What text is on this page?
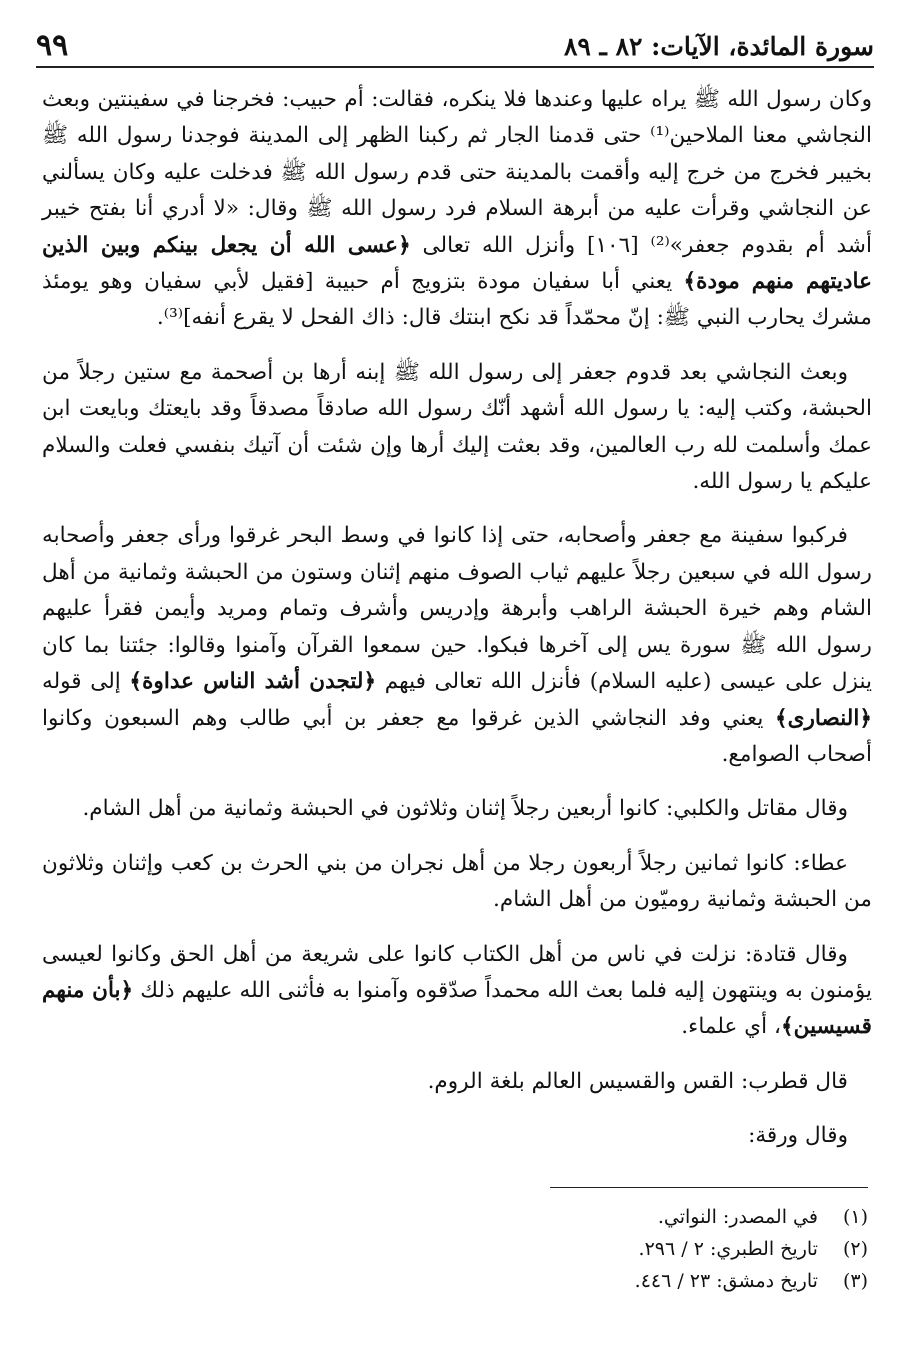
سورة المائدة، الآيات: ٨٢ ـ ٨٩
٩٩

وكان رسول الله ﷺ يراه عليها وعندها فلا ينكره، فقالت: أم حبيب: فخرجنا في سفينتين وبعث النجاشي معنا الملاحين⁽¹⁾ حتى قدمنا الجار ثم ركبنا الظهر إلى المدينة فوجدنا رسول الله ﷺ بخيبر فخرج من خرج إليه وأقمت بالمدينة حتى قدم رسول الله ﷺ فدخلت عليه وكان يسألني عن النجاشي وقرأت عليه من أبرهة السلام فرد رسول الله ﷺ وقال: «لا أدري أنا بفتح خيبر أشد أم بقدوم جعفر»⁽²⁾ [١٠٦] وأنزل الله تعالى ﴿عسى الله أن يجعل بينكم وبين الذين عاديتهم منهم مودة﴾ يعني أبا سفيان مودة بتزويج أم حبيبة [فقيل لأبي سفيان وهو يومئذ مشرك يحارب النبي ﷺ: إنّ محمّداً قد نكح ابنتك قال: ذاك الفحل لا يقرع أنفه]⁽³⁾.

وبعث النجاشي بعد قدوم جعفر إلى رسول الله ﷺ إبنه أرها بن أصحمة مع ستين رجلاً من الحبشة، وكتب إليه: يا رسول الله أشهد أنّك رسول الله صادقاً مصدقاً وقد بايعتك وبايعت ابن عمك وأسلمت لله رب العالمين، وقد بعثت إليك أرها وإن شئت أن آتيك بنفسي فعلت والسلام عليكم يا رسول الله.

فركبوا سفينة مع جعفر وأصحابه، حتى إذا كانوا في وسط البحر غرقوا ورأى جعفر وأصحابه رسول الله في سبعين رجلاً عليهم ثياب الصوف منهم إثنان وستون من الحبشة وثمانية من أهل الشام وهم خيرة الحبشة الراهب وأبرهة وإدريس وأشرف وتمام ومريد وأيمن فقرأ عليهم رسول الله ﷺ سورة يس إلى آخرها فبكوا. حين سمعوا القرآن وآمنوا وقالوا: جئتنا بما كان ينزل على عيسى (عليه السلام) فأنزل الله تعالى فيهم ﴿لتجدن أشد الناس عداوة﴾ إلى قوله ﴿النصارى﴾ يعني وفد النجاشي الذين غرقوا مع جعفر بن أبي طالب وهم السبعون وكانوا أصحاب الصوامع.

وقال مقاتل والكلبي: كانوا أربعين رجلاً إثنان وثلاثون في الحبشة وثمانية من أهل الشام.

عطاء: كانوا ثمانين رجلاً أربعون رجلا من أهل نجران من بني الحرث بن كعب وإثنان وثلاثون من الحبشة وثمانية روميّون من أهل الشام.

وقال قتادة: نزلت في ناس من أهل الكتاب كانوا على شريعة من أهل الحق وكانوا لعيسى يؤمنون به وينتهون إليه فلما بعث الله محمداً صدّقوه وآمنوا به فأثنى الله عليهم ذلك ﴿بأن منهم قسيسين﴾، أي علماء.

قال قطرب: القس والقسيس العالم بلغة الروم.

وقال ورقة:

(١) في المصدر: النواتي.
(٢) تاريخ الطبري: ٢ / ٢٩٦.
(٣) تاريخ دمشق: ٢٣ / ٤٤٦.
